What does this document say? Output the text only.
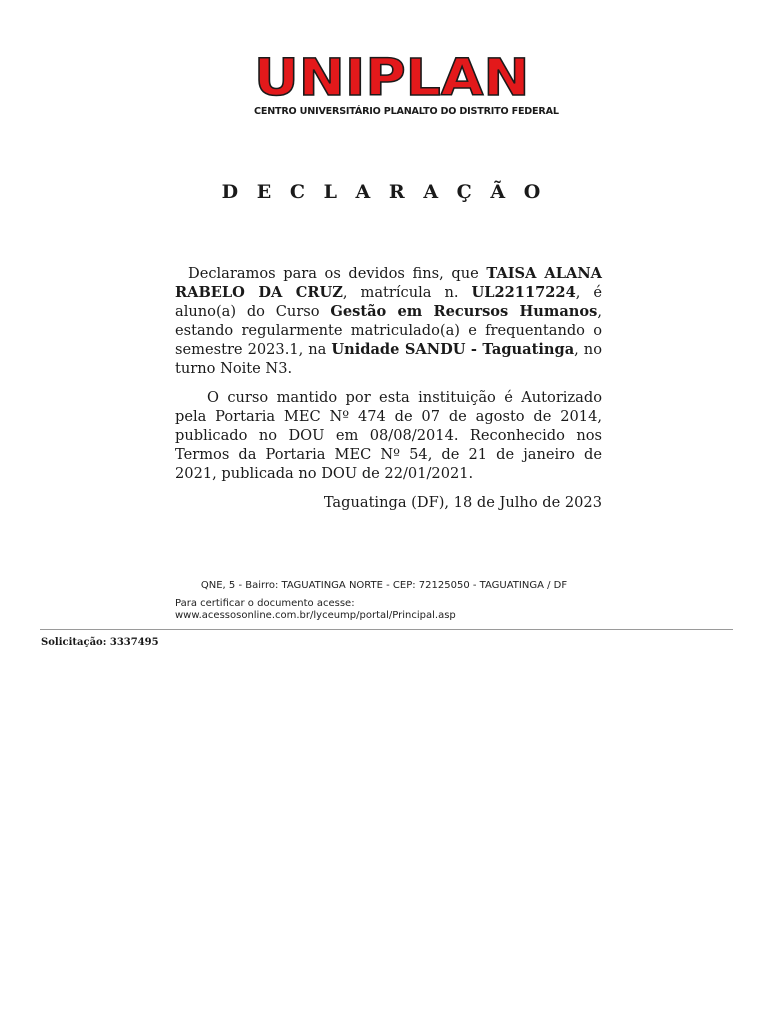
UNIPLAN
CENTRO UNIVERSITÁRIO PLANALTO DO DISTRITO FEDERAL
D E C L A R A Ç Ã O

Declaramos para os devidos fins, que TAISA ALANA RABELO DA CRUZ, matrícula n. UL22117224, é aluno(a) do Curso Gestão em Recursos Humanos, estando regularmente matriculado(a) e frequentando o semestre 2023.1, na Unidade SANDU - Taguatinga, no turno Noite N3.

O curso mantido por esta instituição é Autorizado pela Portaria MEC Nº 474 de 07 de agosto de 2014, publicado no DOU em 08/08/2014. Reconhecido nos Termos da Portaria MEC Nº 54, de 21 de janeiro de 2021, publicada no DOU de 22/01/2021.

Taguatinga (DF), 18 de Julho de 2023

QNE, 5 - Bairro: TAGUATINGA NORTE - CEP: 72125050 - TAGUATINGA / DF
Para certificar o documento acesse:
www.acessosonline.com.br/lyceump/portal/Principal.asp
Solicitação: 3337495
